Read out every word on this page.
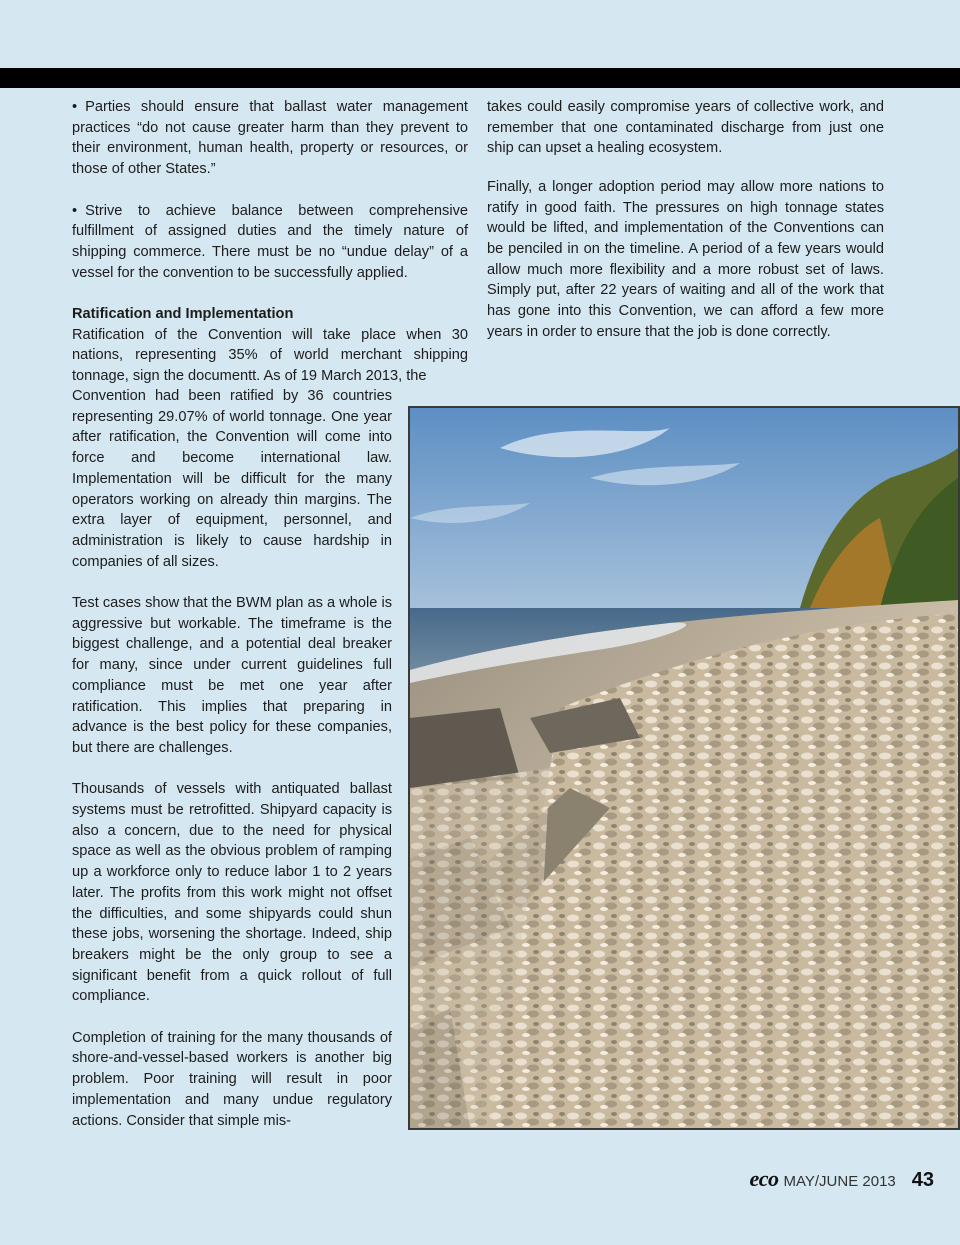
• Parties should ensure that ballast water management practices “do not cause greater harm than they prevent to their environment, human health, property or resources, or those of other States.”

• Strive to achieve balance between comprehensive fulfillment of assigned duties and the timely nature of shipping commerce. There must be no “undue delay” of a vessel for the convention to be successfully applied.

Ratification and Implementation
Ratification of the Convention will take place when 30 nations, representing 35% of world merchant shipping tonnage, sign the documentt. As of 19 March 2013, the

Convention had been ratified by 36 countries representing 29.07% of world tonnage. One year after ratification, the Convention will come into force and become international law. Implementation will be difficult for the many operators working on already thin margins. The extra layer of equipment, personnel, and administration is likely to cause hardship in companies of all sizes.

Test cases show that the BWM plan as a whole is aggressive but workable. The timeframe is the biggest challenge, and a potential deal breaker for many, since under current guidelines full compliance must be met one year after ratification. This implies that preparing in advance is the best policy for these companies, but there are challenges.

Thousands of vessels with antiquated ballast systems must be retrofitted. Shipyard capacity is also a concern, due to the need for physical space as well as the obvious problem of ramping up a workforce only to reduce labor 1 to 2 years later. The profits from this work might not offset the difficulties, and some shipyards could shun these jobs, worsening the shortage. Indeed, ship breakers might be the only group to see a significant benefit from a quick rollout of full compliance.

Completion of training for the many thousands of shore-and-vessel-based workers is another big problem. Poor training will result in poor implementation and many undue regulatory actions. Consider that simple mis-

takes could easily compromise years of collective work, and remember that one contaminated discharge from just one ship can upset a healing ecosystem.

Finally, a longer adoption period may allow more nations to ratify in good faith. The pressures on high tonnage states would be lifted, and implementation of the Conventions can be penciled in on the timeline. A period of a few years would allow much more flexibility and a more robust set of laws. Simply put, after 22 years of waiting and all of the work that has gone into this Convention, we can afford a few more years in order to ensure that the job is done correctly.

eco MAY/JUNE 2013 43
